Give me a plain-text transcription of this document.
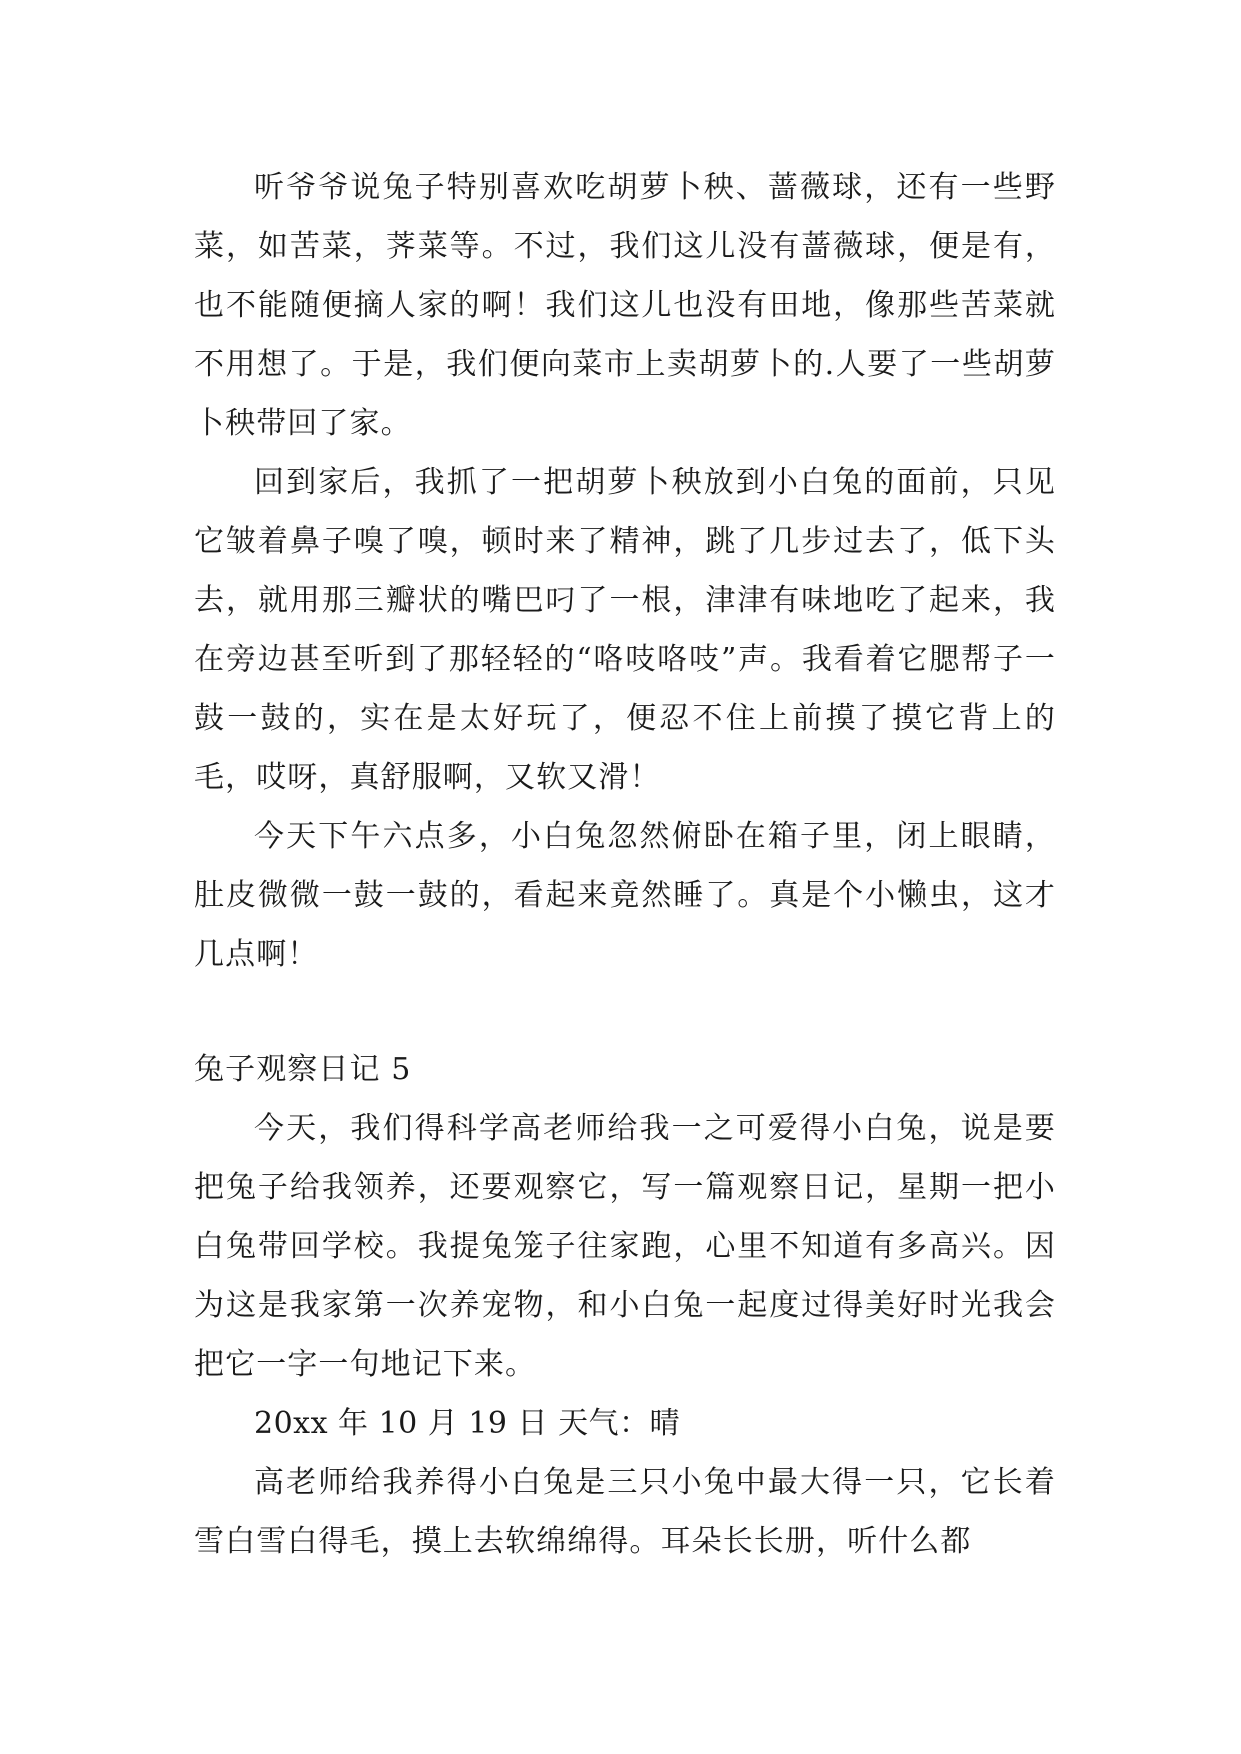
听爷爷说兔子特别喜欢吃胡萝卜秧、蔷薇球，还有一些野菜，如苦菜，荠菜等。不过，我们这儿没有蔷薇球，便是有，也不能随便摘人家的啊！我们这儿也没有田地，像那些苦菜就不用想了。于是，我们便向菜市上卖胡萝卜的.人要了一些胡萝卜秧带回了家。

回到家后，我抓了一把胡萝卜秧放到小白兔的面前，只见它皱着鼻子嗅了嗅，顿时来了精神，跳了几步过去了，低下头去，就用那三瓣状的嘴巴叼了一根，津津有味地吃了起来，我在旁边甚至听到了那轻轻的“咯吱咯吱”声。我看着它腮帮子一鼓一鼓的，实在是太好玩了，便忍不住上前摸了摸它背上的毛，哎呀，真舒服啊，又软又滑！

今天下午六点多，小白兔忽然俯卧在箱子里，闭上眼睛，肚皮微微一鼓一鼓的，看起来竟然睡了。真是个小懒虫，这才几点啊！

兔子观察日记 5

今天，我们得科学高老师给我一之可爱得小白兔，说是要把兔子给我领养，还要观察它，写一篇观察日记，星期一把小白兔带回学校。我提兔笼子往家跑，心里不知道有多高兴。因为这是我家第一次养宠物，和小白兔一起度过得美好时光我会把它一字一句地记下来。

20xx 年 10 月 19 日 天气：晴

高老师给我养得小白兔是三只小兔中最大得一只，它长着雪白雪白得毛，摸上去软绵绵得。耳朵长长册，听什么都
